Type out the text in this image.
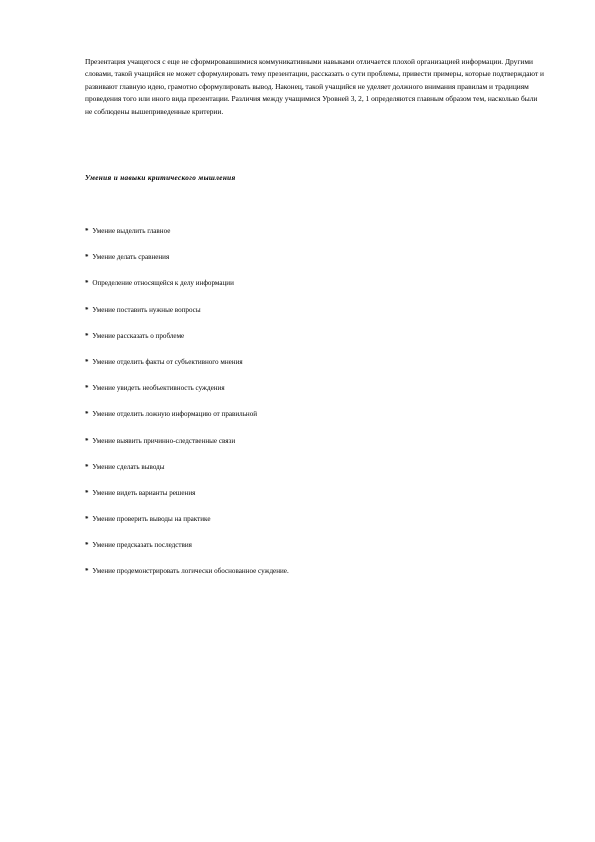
Презентация учащегося с еще не сформировавшимися коммуникативными навыками отличается плохой организацией информации. Другими словами, такой учащийся не может сформулировать тему презентации, рассказать о сути проблемы, привести примеры, которые подтверждают и развивают главную идею, грамотно сформулировать вывод. Наконец, такой учащийся не уделяет должного внимания правилам и традициям проведения того или иного вида презентации. Различия между учащимися Уровней 3, 2, 1 определяются главным образом тем, насколько были не соблюдены вышеприведенные критерии.

Умения и навыки критического мышления

* Умение выделить главное
* Умение делать сравнения
* Определение относящейся к делу информации
* Умение поставить нужные вопросы
* Умение рассказать о проблеме
* Умение отделить факты от субъективного мнения
* Умение увидеть необъективность суждения
* Умение отделить ложную информацию от правильной
* Умение выявить причинно-следственные связи
* Умение сделать выводы
* Умение видеть варианты решения
* Умение проверить выводы на практике
* Умение предсказать последствия
* Умение продемонстрировать логически обоснованное суждение.
